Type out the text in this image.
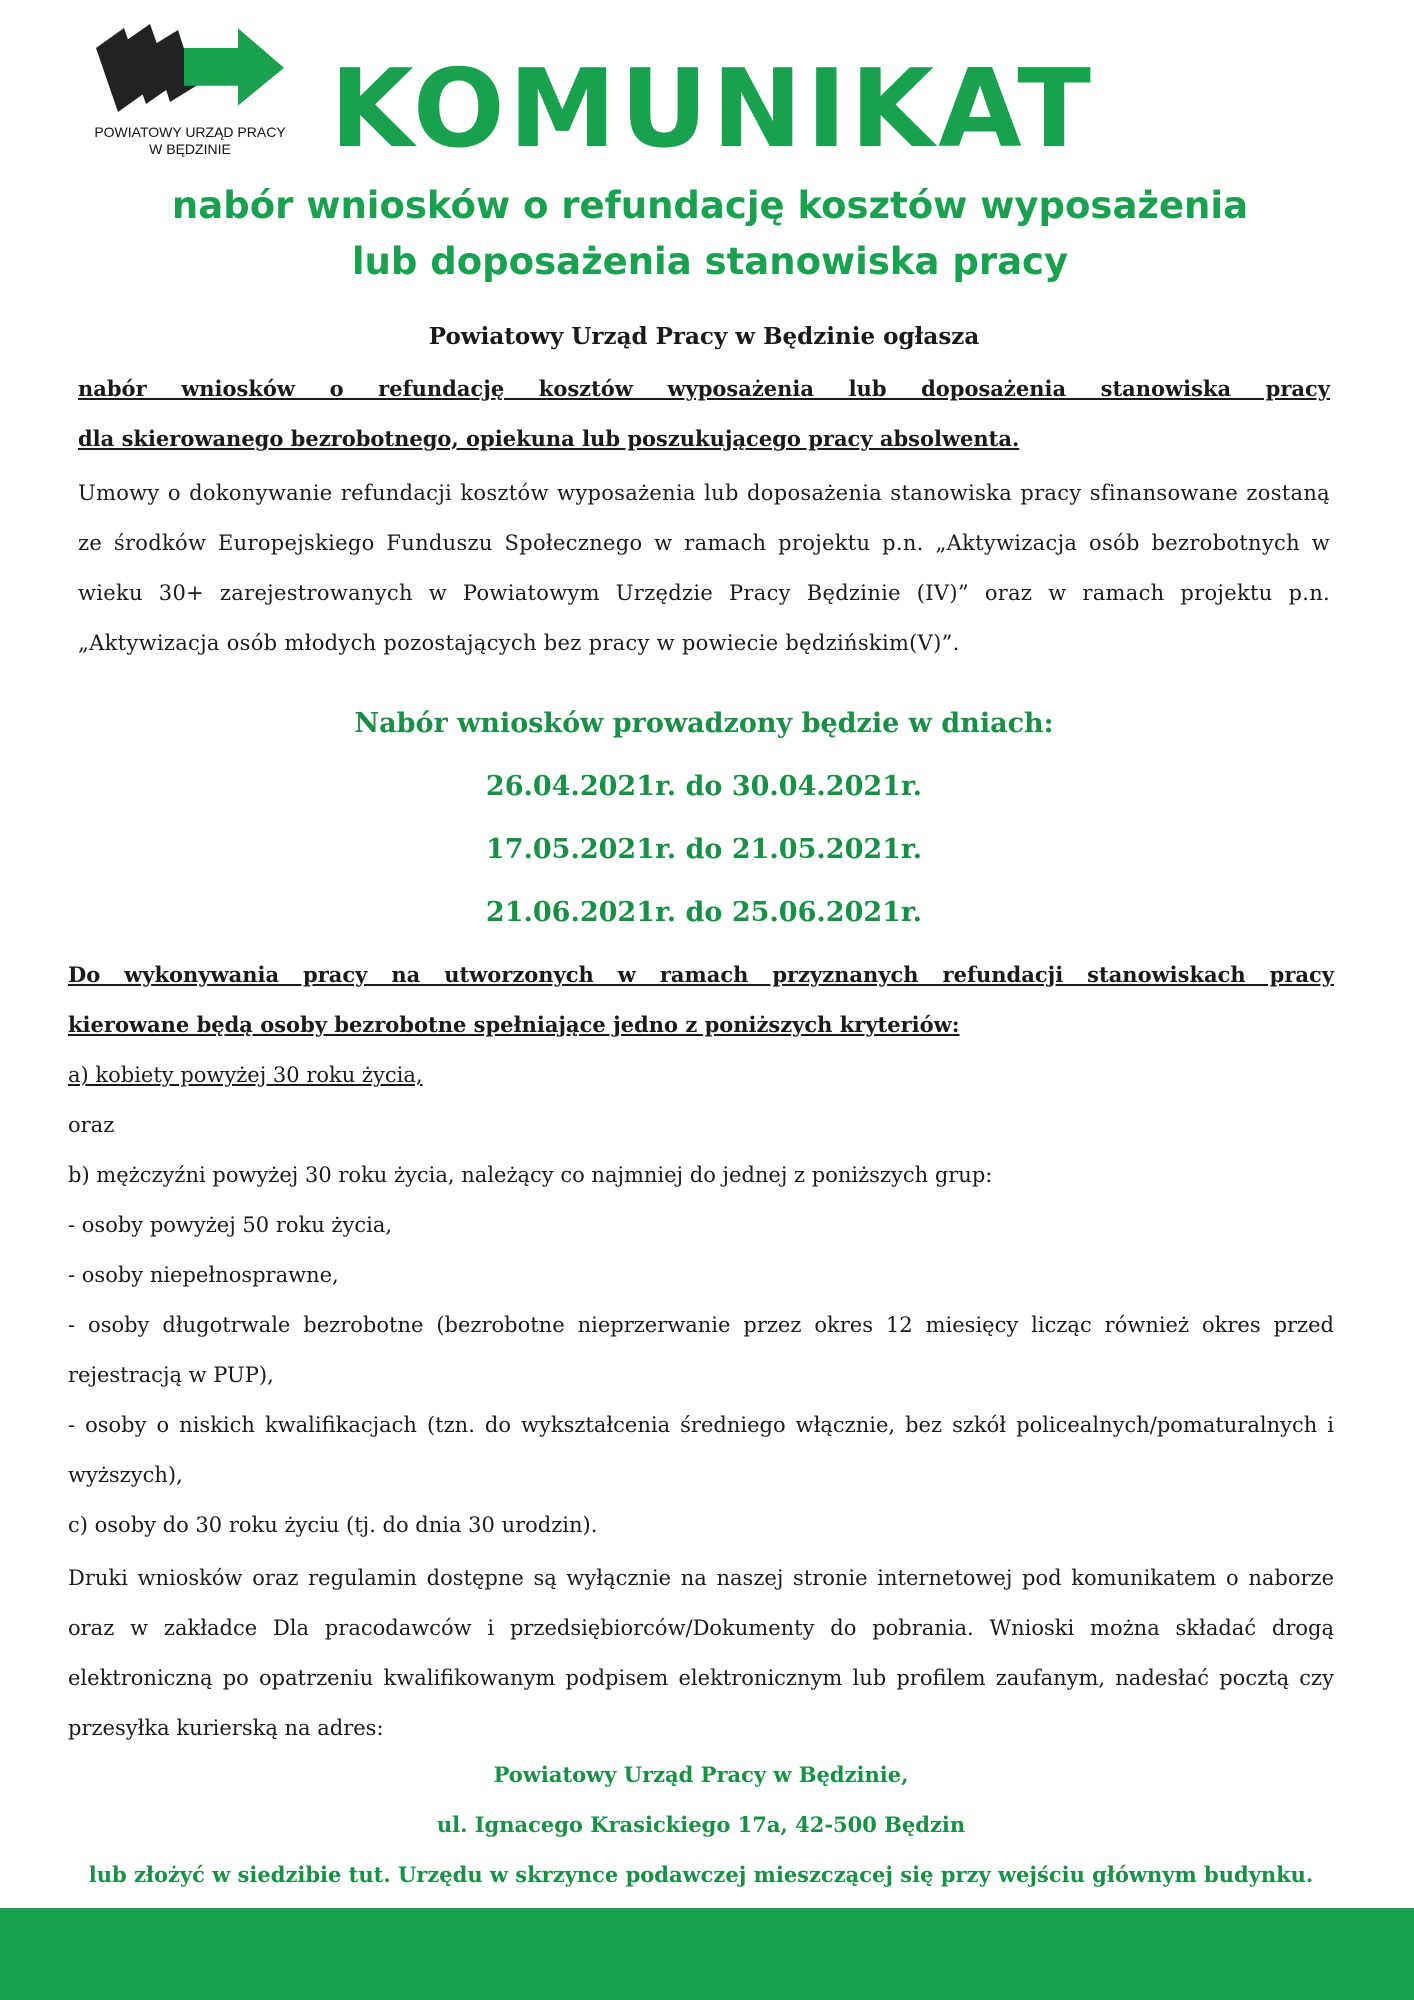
POWIATOWY URZĄD PRACY
W BĘDZINIE KOMUNIKAT
nabór wniosków o refundację kosztów wyposażenia
lub doposażenia stanowiska pracy
Powiatowy Urząd Pracy w Będzinie ogłasza

nabór wniosków o refundację kosztów wyposażenia lub doposażenia stanowiska pracy

dla skierowanego bezrobotnego, opiekuna lub poszukującego pracy absolwenta.

Umowy o dokonywanie refundacji kosztów wyposażenia lub doposażenia stanowiska pracy sfinansowane zostaną ze środków Europejskiego Funduszu Społecznego w ramach projektu p.n. „Aktywizacja osób bezrobotnych w wieku 30+ zarejestrowanych w Powiatowym Urzędzie Pracy Będzinie (IV)” oraz w ramach projektu p.n. „Aktywizacja osób młodych pozostających bez pracy w powiecie będzińskim(V)”.
Nabór wniosków prowadzony będzie w dniach:
26.04.2021r. do 30.04.2021r.
17.05.2021r. do 21.05.2021r.
21.06.2021r. do 25.06.2021r.

Do wykonywania pracy na utworzonych w ramach przyznanych refundacji stanowiskach pracy

kierowane będą osoby bezrobotne spełniające jedno z poniższych kryteriów:

a) kobiety powyżej 30 roku życia,

oraz

b) mężczyźni powyżej 30 roku życia, należący co najmniej do jednej z poniższych grup:

- osoby powyżej 50 roku życia,

- osoby niepełnosprawne,

- osoby długotrwale bezrobotne (bezrobotne nieprzerwanie przez okres 12 miesięcy licząc również okres przed rejestracją w PUP),

- osoby o niskich kwalifikacjach (tzn. do wykształcenia średniego włącznie, bez szkół policealnych/pomaturalnych i wyższych),

c) osoby do 30 roku życiu (tj. do dnia 30 urodzin).

Druki wniosków oraz regulamin dostępne są wyłącznie na naszej stronie internetowej pod komunikatem o naborze oraz w zakładce Dla pracodawców i przedsiębiorców/Dokumenty do pobrania. Wnioski można składać drogą elektroniczną po opatrzeniu kwalifikowanym podpisem elektronicznym lub profilem zaufanym, nadesłać pocztą czy przesyłka kurierską na adres:
Powiatowy Urząd Pracy w Będzinie,
ul. Ignacego Krasickiego 17a, 42-500 Będzin
lub złożyć w siedzibie tut. Urzędu w skrzynce podawczej mieszczącej się przy wejściu głównym budynku.
